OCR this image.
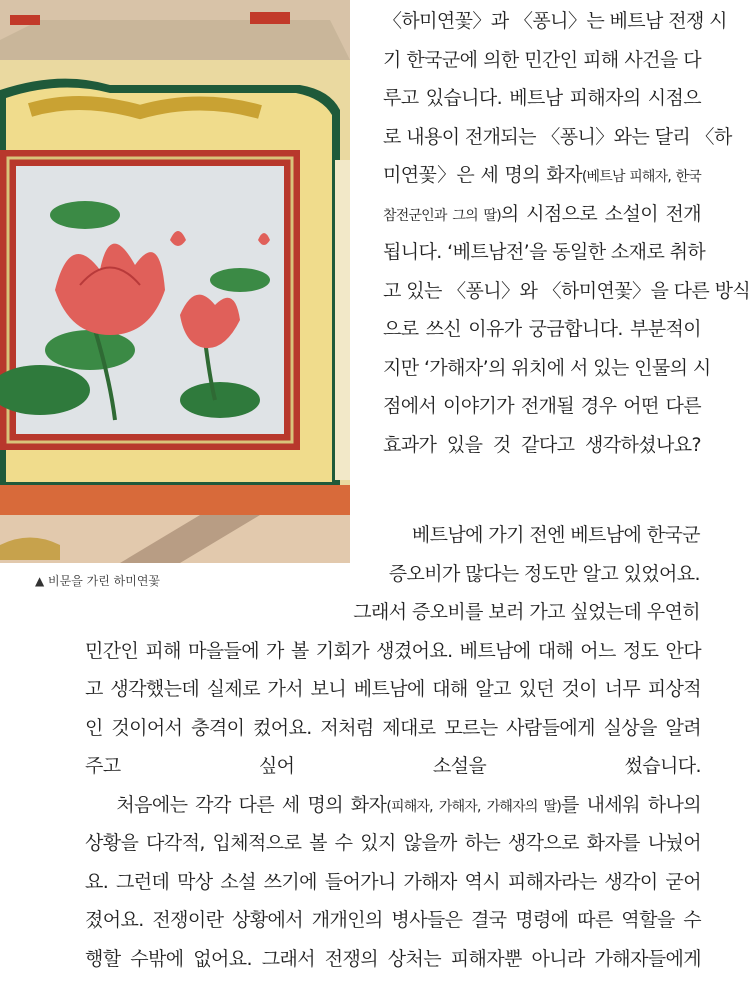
▲ 비문을 가린 하미연꽃
〈하미연꽃〉과 〈퐁니〉는 베트남 전쟁 시
기 한국군에 의한 민간인 피해 사건을 다
루고 있습니다. 베트남 피해자의 시점으
로 내용이 전개되는 〈퐁니〉와는 달리 〈하
미연꽃〉은 세 명의 화자(베트남 피해자, 한국
참전군인과 그의 딸)의 시점으로 소설이 전개
됩니다. ‘베트남전’을 동일한 소재로 취하
고 있는 〈퐁니〉와 〈하미연꽃〉을 다른 방식
으로 쓰신 이유가 궁금합니다. 부분적이
지만 ‘가해자’의 위치에 서 있는 인물의 시
점에서 이야기가 전개될 경우 어떤 다른
효과가 있을 것 같다고 생각하셨나요?
베트남에 가기 전엔 베트남에 한국군
증오비가 많다는 정도만 알고 있었어요.
그래서 증오비를 보러 가고 싶었는데 우연히
민간인 피해 마을들에 가 볼 기회가 생겼어요. 베트남에 대해 어느 정도 안다
고 생각했는데 실제로 가서 보니 베트남에 대해 알고 있던 것이 너무 피상적
인 것이어서 충격이 컸어요. 저처럼 제대로 모르는 사람들에게 실상을 알려
주고 싶어 소설을 썼습니다.
처음에는 각각 다른 세 명의 화자(피해자, 가해자, 가해자의 딸)를 내세워 하나의
상황을 다각적, 입체적으로 볼 수 있지 않을까 하는 생각으로 화자를 나눴어
요. 그런데 막상 소설 쓰기에 들어가니 가해자 역시 피해자라는 생각이 굳어
졌어요. 전쟁이란 상황에서 개개인의 병사들은 결국 명령에 따른 역할을 수
행할 수밖에 없어요. 그래서 전쟁의 상처는 피해자뿐 아니라 가해자들에게
